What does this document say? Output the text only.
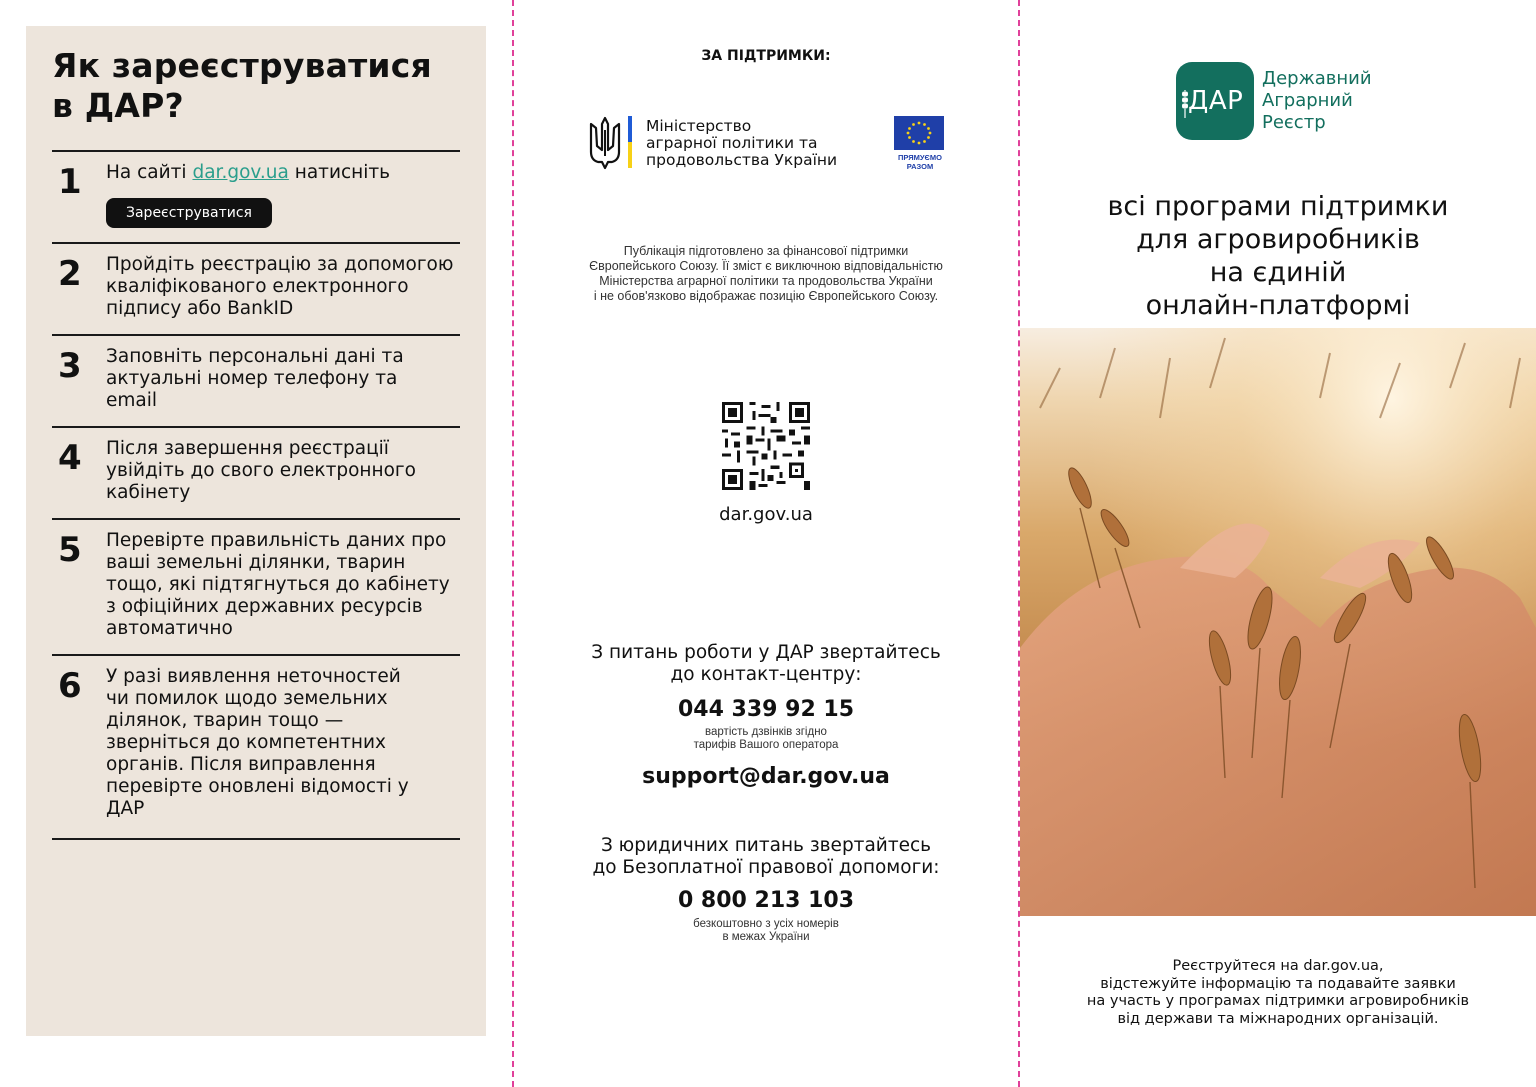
Як зареєструватися в ДАР?
1	На сайті dar.gov.ua натисніть
Зареєструватися
2	Пройдіть реєстрацію за допомогою кваліфікованого електронного підпису або BankID
3	Заповніть персональні дані та актуальні номер телефону та email
4	Після завершення реєстрації увійдіть до свого електронного кабінету
5	Перевірте правильність даних про ваші земельні ділянки, тварин тощо, які підтягнуться до кабінету з офіційних державних ресурсів автоматично
6	У разі виявлення неточностей чи помилок щодо земельних ділянок, тварин тощо — зверніться до компетентних органів. Після виправлення перевірте оновлені відомості у ДАР
ЗА ПІДТРИМКИ:
Міністерство
аграрної політики та
продовольства України	ПРЯМУЄМО
РАЗОМ
Публікація підготовлено за фінансової підтримки
Європейського Союзу. Її зміст є виключною відповідальністю
Міністерства аграрної політики та продовольства України
і не обов'язково відображає позицію Європейського Союзу.
dar.gov.ua
З питань роботи у ДАР звертайтесь
до контакт-центру:
044 339 92 15
вартість дзвінків згідно
тарифів Вашого оператора
support@dar.gov.ua
З юридичних питань звертайтесь
до Безоплатної правової допомоги:
0 800 213 103
безкоштовно з усіх номерів
в межах України
ДАР
Державний
Аграрний
Реєстр
всі програми підтримки
для агровиробників
на єдиній
онлайн-платформі
Реєструйтеся на dar.gov.ua,
відстежуйте інформацію та подавайте заявки
на участь у програмах підтримки агровиробників
від держави та міжнародних організацій.
